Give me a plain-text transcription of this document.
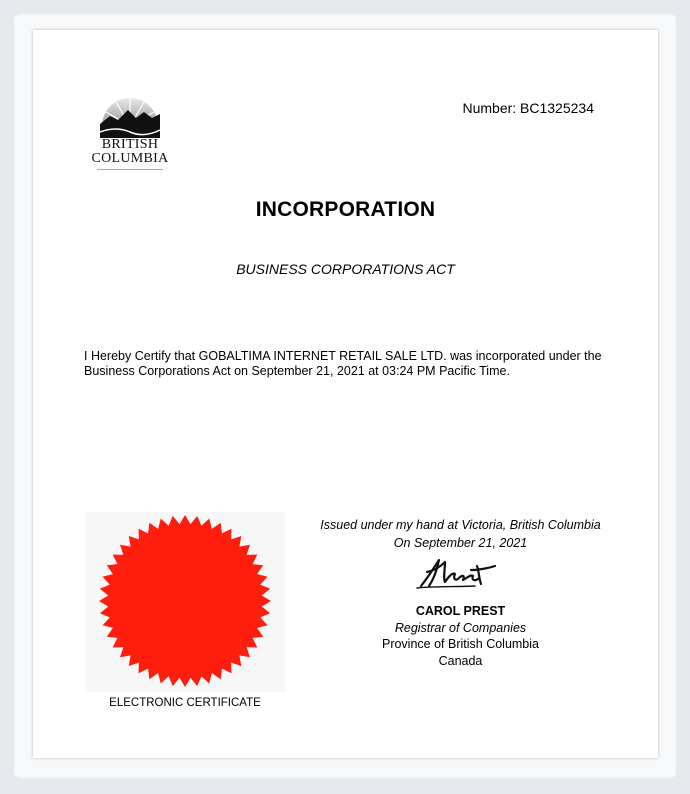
BRITISH
COLUMBIA
Number: BC1325234
INCORPORATION
BUSINESS CORPORATIONS ACT
I Hereby Certify that GOBALTIMA INTERNET RETAIL SALE LTD. was incorporated under the Business Corporations Act on September 21, 2021 at 03:24 PM Pacific Time.
ELECTRONIC CERTIFICATE
Issued under my hand at Victoria, British Columbia
On September 21, 2021
CAROL PREST
Registrar of Companies
Province of British Columbia
Canada
